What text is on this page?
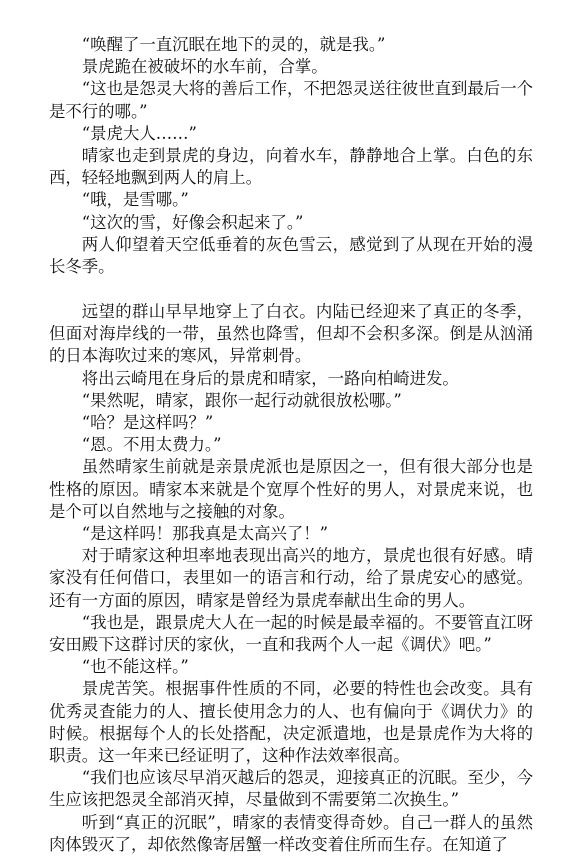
“唤醒了一直沉眠在地下的灵的，就是我。”

景虎跪在被破坏的水车前，合掌。

“这也是怨灵大将的善后工作，不把怨灵送往彼世直到最后一个是不行的哪。”

“景虎大人……”

晴家也走到景虎的身边，向着水车，静静地合上掌。白色的东西，轻轻地飘到两人的肩上。

“哦，是雪哪。”

“这次的雪，好像会积起来了。”

两人仰望着天空低垂着的灰色雪云，感觉到了从现在开始的漫长冬季。

远望的群山早早地穿上了白衣。内陆已经迎来了真正的冬季，但面对海岸线的一带，虽然也降雪，但却不会积多深。倒是从汹涌的日本海吹过来的寒风，异常刺骨。

将出云崎甩在身后的景虎和晴家，一路向柏崎进发。

“果然呢，晴家，跟你一起行动就很放松哪。”

“哈？是这样吗？”

“恩。不用太费力。”

虽然晴家生前就是亲景虎派也是原因之一，但有很大部分也是性格的原因。晴家本来就是个宽厚个性好的男人，对景虎来说，也是个可以自然地与之接触的对象。

“是这样吗！那我真是太高兴了！”

对于晴家这种坦率地表现出高兴的地方，景虎也很有好感。晴家没有任何借口，表里如一的语言和行动，给了景虎安心的感觉。还有一方面的原因，晴家是曾经为景虎奉献出生命的男人。

“我也是，跟景虎大人在一起的时候是最幸福的。不要管直江呀安田殿下这群讨厌的家伙，一直和我两个人一起《调伏》吧。”

“也不能这样。”

景虎苦笑。根据事件性质的不同，必要的特性也会改变。具有优秀灵査能力的人、擅长使用念力的人、也有偏向于《调伏力》的时候。根据每个人的长处搭配，决定派遣地，也是景虎作为大将的职责。这一年来已经证明了，这种作法效率很高。

“我们也应该尽早消灭越后的怨灵，迎接真正的沉眠。至少，今生应该把怨灵全部消灭掉，尽量做到不需要第二次换生。”

听到“真正的沉眠”，晴家的表情变得奇妙。自己一群人的虽然肉体毁灭了，却依然像寄居蟹一样改变着住所而生存。在知道了
